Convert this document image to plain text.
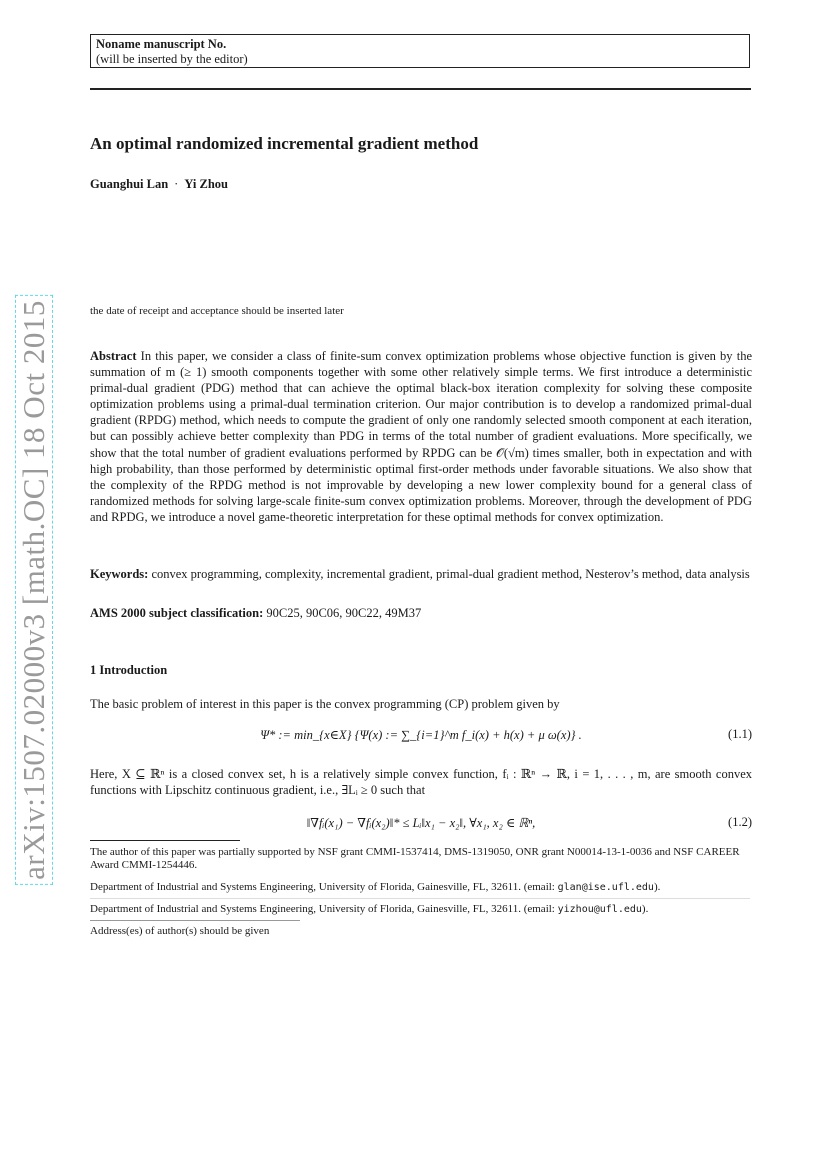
Noname manuscript No.
(will be inserted by the editor)
An optimal randomized incremental gradient method
Guanghui Lan · Yi Zhou
the date of receipt and acceptance should be inserted later
Abstract In this paper, we consider a class of finite-sum convex optimization problems whose objective function is given by the summation of m (≥ 1) smooth components together with some other relatively simple terms. We first introduce a deterministic primal-dual gradient (PDG) method that can achieve the optimal black-box iteration complexity for solving these composite optimization problems using a primal-dual termination criterion. Our major contribution is to develop a randomized primal-dual gradient (RPDG) method, which needs to compute the gradient of only one randomly selected smooth component at each iteration, but can possibly achieve better complexity than PDG in terms of the total number of gradient evaluations. More specifically, we show that the total number of gradient evaluations performed by RPDG can be 𝒪(√m) times smaller, both in expectation and with high probability, than those performed by deterministic optimal first-order methods under favorable situations. We also show that the complexity of the RPDG method is not improvable by developing a new lower complexity bound for a general class of randomized methods for solving large-scale finite-sum convex optimization problems. Moreover, through the development of PDG and RPDG, we introduce a novel game-theoretic interpretation for these optimal methods for convex optimization.
Keywords: convex programming, complexity, incremental gradient, primal-dual gradient method, Nesterov’s method, data analysis
AMS 2000 subject classification: 90C25, 90C06, 90C22, 49M37
1 Introduction
The basic problem of interest in this paper is the convex programming (CP) problem given by
Ψ* := min_{x∈X} {Ψ(x) := ∑_{i=1}^m f_i(x) + h(x) + μ ω(x)} .	(1.1)
Here, X ⊆ ℝⁿ is a closed convex set, h is a relatively simple convex function, fᵢ : ℝⁿ → ℝ, i = 1, . . . , m, are smooth convex functions with Lipschitz continuous gradient, i.e., ∃Lᵢ ≥ 0 such that
‖∇fᵢ(x₁) − ∇fᵢ(x₂)‖* ≤ Lᵢ‖x₁ − x₂‖, ∀x₁, x₂ ∈ ℝⁿ,	(1.2)
The author of this paper was partially supported by NSF grant CMMI-1537414, DMS-1319050, ONR grant N00014-13-1-0036 and NSF CAREER Award CMMI-1254446.
Department of Industrial and Systems Engineering, University of Florida, Gainesville, FL, 32611. (email: glan@ise.ufl.edu).
Department of Industrial and Systems Engineering, University of Florida, Gainesville, FL, 32611. (email: yizhou@ufl.edu).
Address(es) of author(s) should be given
arXiv:1507.02000v3 [math.OC] 18 Oct 2015
